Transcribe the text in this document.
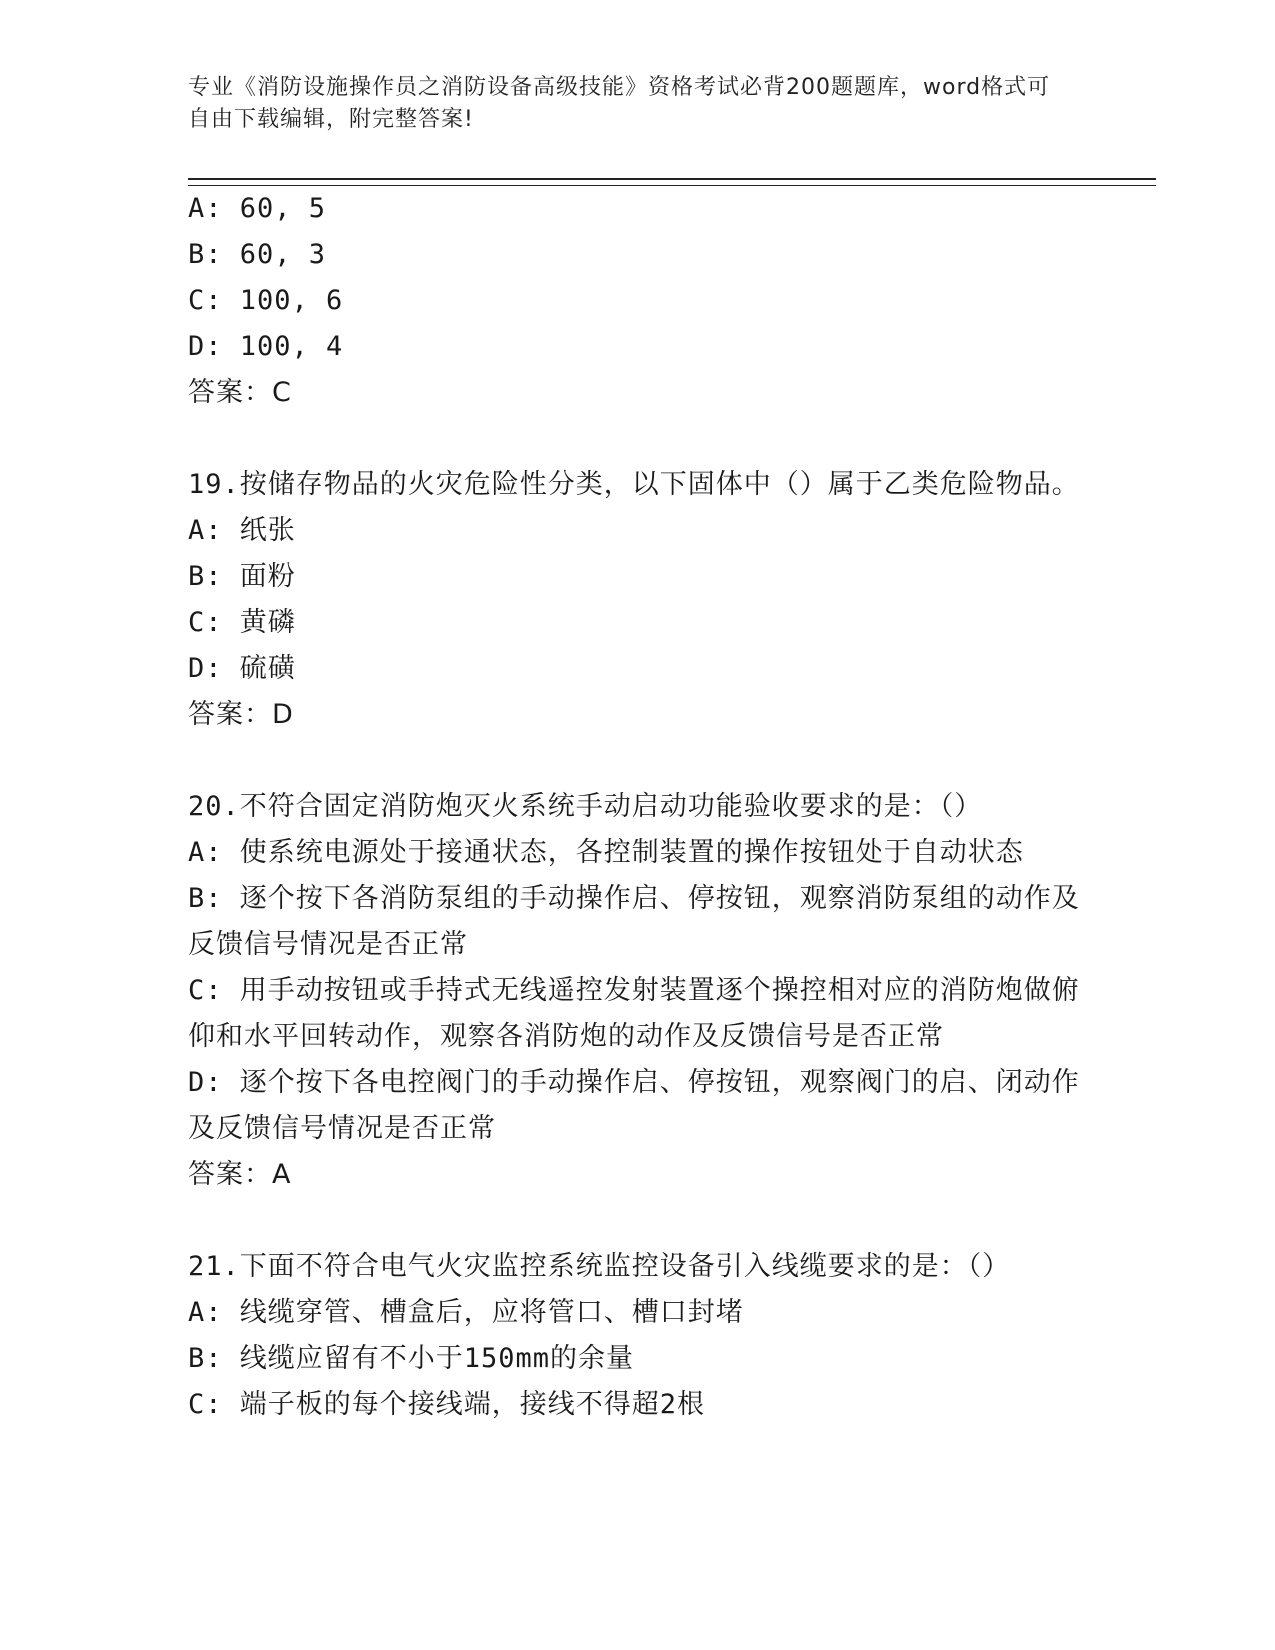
专业《消防设施操作员之消防设备高级技能》资格考试必背200题题库，word格式可自由下载编辑，附完整答案!

A: 60, 5

B: 60, 3

C: 100, 6

D: 100, 4

答案：C

19.按储存物品的火灾危险性分类，以下固体中（）属于乙类危险物品。

A: 纸张

B: 面粉

C: 黄磷

D: 硫磺

答案：D

20.不符合固定消防炮灭火系统手动启动功能验收要求的是：（）

A: 使系统电源处于接通状态，各控制装置的操作按钮处于自动状态

B: 逐个按下各消防泵组的手动操作启、停按钮，观察消防泵组的动作及反馈信号情况是否正常

C: 用手动按钮或手持式无线遥控发射装置逐个操控相对应的消防炮做俯仰和水平回转动作，观察各消防炮的动作及反馈信号是否正常

D: 逐个按下各电控阀门的手动操作启、停按钮，观察阀门的启、闭动作及反馈信号情况是否正常

答案：A

21.下面不符合电气火灾监控系统监控设备引入线缆要求的是：（）

A: 线缆穿管、槽盒后，应将管口、槽口封堵

B: 线缆应留有不小于150mm的余量

C: 端子板的每个接线端，接线不得超2根
